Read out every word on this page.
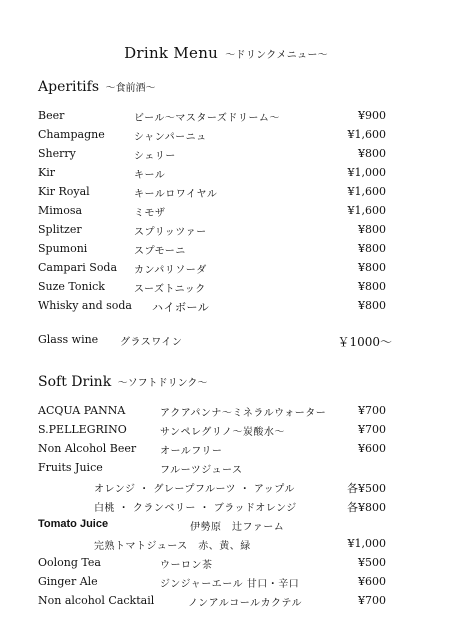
Drink Menu ～ドリンクメニュー～
Aperitifs ～食前酒～
Beer	ビール～マスターズドリーム～	¥900
Champagne	シャンパーニュ	¥1,600
Sherry	シェリー	¥800
Kir	キール	¥1,000
Kir Royal	キールロワイヤル	¥1,600
Mimosa	ミモザ	¥1,600
Splitzer	スプリッツァー	¥800
Spumoni	スプモーニ	¥800
Campari Soda カンパリソーダ	¥800
Suze Tonick	スーズトニック	¥800
Whisky and soda ハイボール	¥800
Glass wine グラスワイン	￥1000～
Soft Drink ～ソフトドリンク～
ACQUA PANNA	アクアパンナ～ミネラルウォーター	¥700
S.PELLEGRINO	サンペレグリノ～炭酸水～	¥700
Non Alcohol Beer オールフリー	¥600
Fruits Juice	フルーツジュース
オレンジ ・ グレープフルーツ ・ アップル	各¥500
白桃 ・ クランベリー ・ ブラッドオレンジ	各¥800
Tomato Juice	伊勢原　辻ファーム
完熟トマトジュース　赤、黄、緑	¥1,000
Oolong Tea	ウーロン茶	¥500
Ginger Ale	ジンジャーエール 甘口・辛口	¥600
Non alcohol Cacktail	ノンアルコールカクテル	¥700
